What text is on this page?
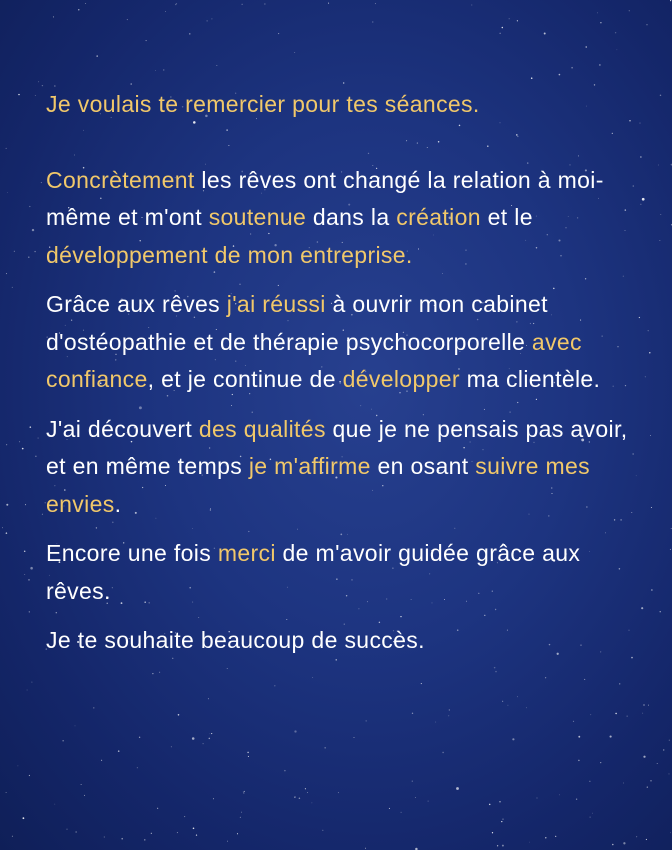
Je voulais te remercier pour tes séances.

Concrètement les rêves ont changé la relation à moi-même et m'ont soutenue dans la création et le développement de mon entreprise.

Grâce aux rêves j'ai réussi à ouvrir mon cabinet d'ostéopathie et de thérapie psychocorporelle avec confiance, et je continue de développer ma clientèle.

J'ai découvert des qualités que je ne pensais pas avoir, et en même temps je m'affirme en osant suivre mes envies.

Encore une fois merci de m'avoir guidée grâce aux rêves.

Je te souhaite beaucoup de succès.
